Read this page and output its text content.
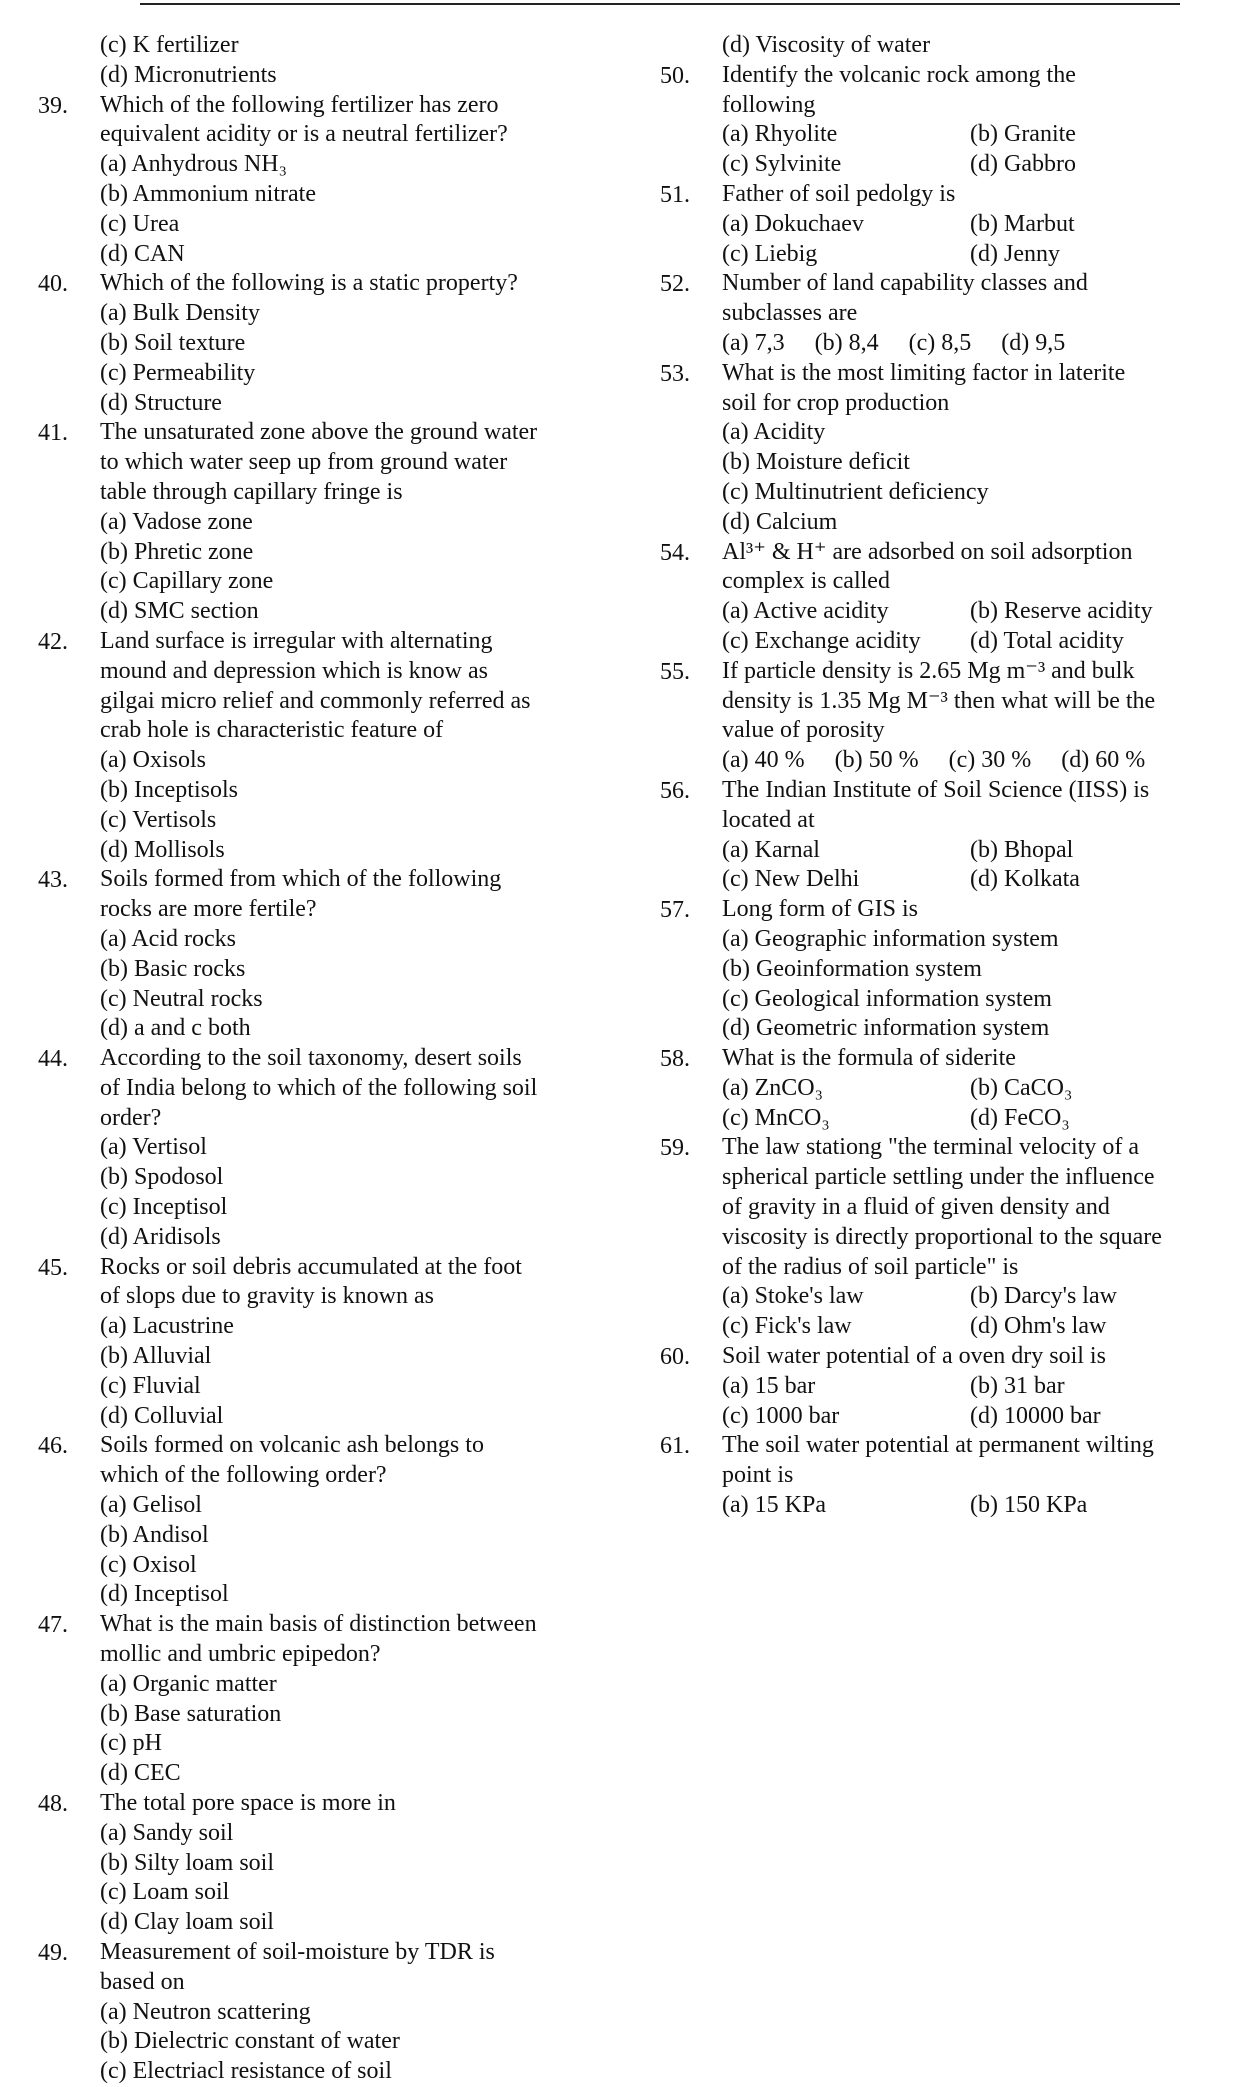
(c) K fertilizer
(d) Micronutrients
39. Which of the following fertilizer has zero
equivalent acidity or is a neutral fertilizer?
(a) Anhydrous NH₃
(b) Ammonium nitrate
(c) Urea
(d) CAN
40. Which of the following is a static property?
(a) Bulk Density
(b) Soil texture
(c) Permeability
(d) Structure
41. The unsaturated zone above the ground water
to which water seep up from ground water
table through capillary fringe is
(a) Vadose zone
(b) Phretic zone
(c) Capillary zone
(d) SMC section
42. Land surface is irregular with alternating
mound and depression which is know as
gilgai micro relief and commonly referred as
crab hole is characteristic feature of
(a) Oxisols
(b) Inceptisols
(c) Vertisols
(d) Mollisols
43. Soils formed from which of the following
rocks are more fertile?
(a) Acid rocks
(b) Basic rocks
(c) Neutral rocks
(d) a and c both
44. According to the soil taxonomy, desert soils
of India belong to which of the following soil
order?
(a) Vertisol
(b) Spodosol
(c) Inceptisol
(d) Aridisols
45. Rocks or soil debris accumulated at the foot
of slops due to gravity is known as
(a) Lacustrine
(b) Alluvial
(c) Fluvial
(d) Colluvial
46. Soils formed on volcanic ash belongs to
which of the following order?
(a) Gelisol
(b) Andisol
(c) Oxisol
(d) Inceptisol
47. What is the main basis of distinction between
mollic and umbric epipedon?
(a) Organic matter
(b) Base saturation
(c) pH
(d) CEC
48. The total pore space is more in
(a) Sandy soil
(b) Silty loam soil
(c) Loam soil
(d) Clay loam soil
49. Measurement of soil-moisture by TDR is
based on
(a) Neutron scattering
(b) Dielectric constant of water
(c) Electriacl resistance of soil
(d) Viscosity of water
50. Identify the volcanic rock among the
following
(a) Rhyolite	(b) Granite
(c) Sylvinite	(d) Gabbro
51. Father of soil pedolgy is
(a) Dokuchaev	(b) Marbut
(c) Liebig	(d) Jenny
52. Number of land capability classes and
subclasses are
(a) 7,3 (b) 8,4 (c) 8,5 (d) 9,5
53. What is the most limiting factor in laterite
soil for crop production
(a) Acidity
(b) Moisture deficit
(c) Multinutrient deficiency
(d) Calcium
54. Al³⁺ & H⁺ are adsorbed on soil adsorption
complex is called
(a) Active acidity	(b) Reserve acidity
(c) Exchange acidity	(d) Total acidity
55. If particle density is 2.65 Mg m⁻³ and bulk
density is 1.35 Mg M⁻³ then what will be the
value of porosity
(a) 40 % (b) 50 % (c) 30 % (d) 60 %
56. The Indian Institute of Soil Science (IISS) is
located at
(a) Karnal	(b) Bhopal
(c) New Delhi	(d) Kolkata
57. Long form of GIS is
(a) Geographic information system
(b) Geoinformation system
(c) Geological information system
(d) Geometric information system
58. What is the formula of siderite
(a) ZnCO₃	(b) CaCO₃
(c) MnCO₃	(d) FeCO₃
59. The law stationg "the terminal velocity of a
spherical particle settling under the influence
of gravity in a fluid of given density and
viscosity is directly proportional to the square
of the radius of soil particle" is
(a) Stoke's law	(b) Darcy's law
(c) Fick's law	(d) Ohm's law
60. Soil water potential of a oven dry soil is
(a) 15 bar	(b) 31 bar
(c) 1000 bar	(d) 10000 bar
61. The soil water potential at permanent wilting
point is
(a) 15 KPa	(b) 150 KPa
